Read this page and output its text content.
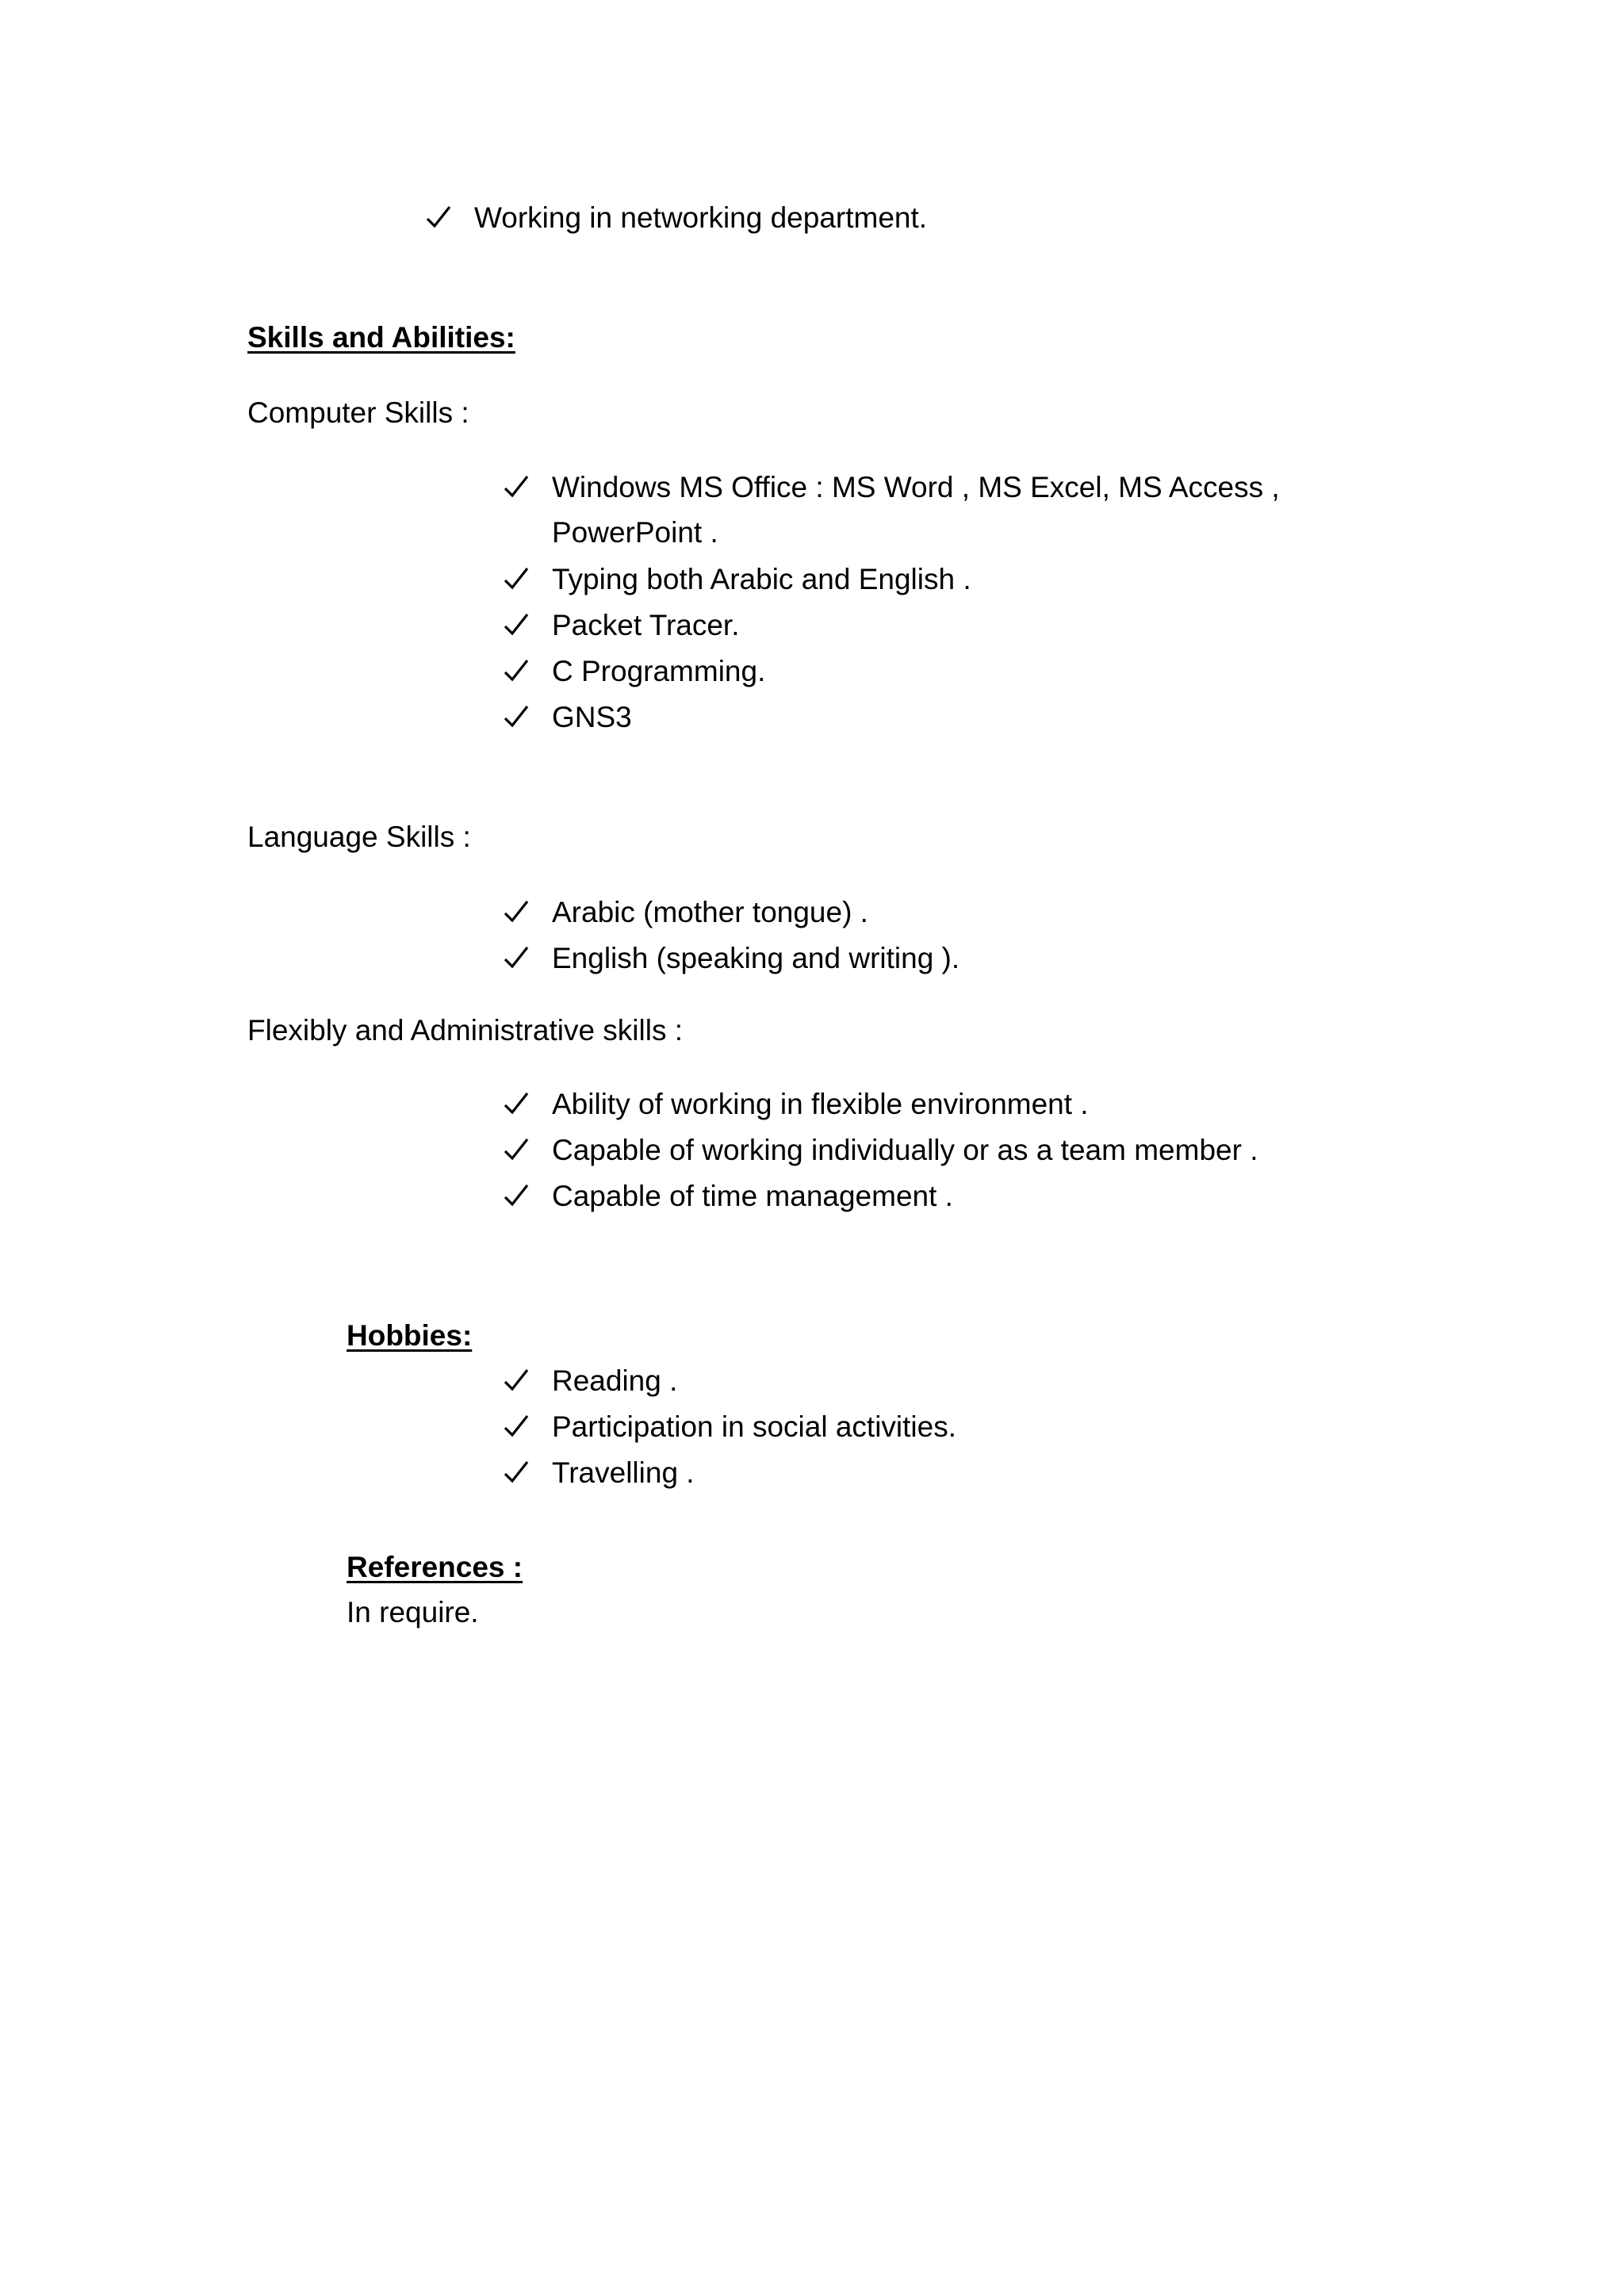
Working in networking department.
Skills and Abilities:
Computer Skills :
Windows MS Office : MS Word , MS Excel, MS Access ,
PowerPoint .
Typing both Arabic and English .
Packet Tracer.
C Programming.
GNS3
Language Skills :
Arabic (mother tongue) .
English (speaking and writing ).
Flexibly and Administrative skills :
Ability of working in flexible environment .
Capable of working individually or as a team member .
Capable of time management .
Hobbies:
Reading .
Participation in social activities.
Travelling .
References :
In require.
